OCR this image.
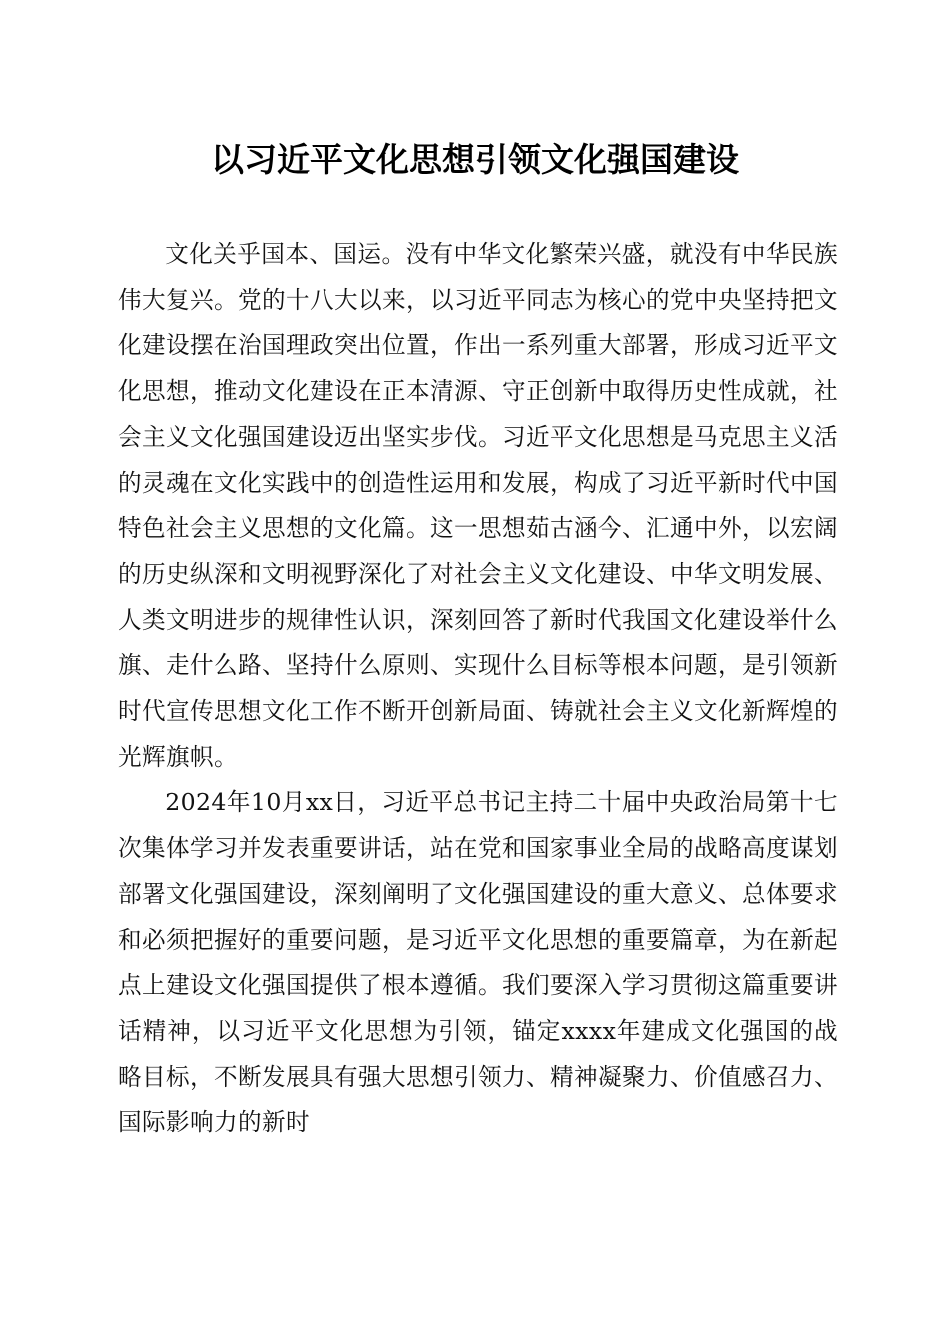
以习近平文化思想引领文化强国建设

文化关乎国本、国运。没有中华文化繁荣兴盛，就没有中华民族伟大复兴。党的十八大以来，以习近平同志为核心的党中央坚持把文化建设摆在治国理政突出位置，作出一系列重大部署，形成习近平文化思想，推动文化建设在正本清源、守正创新中取得历史性成就，社会主义文化强国建设迈出坚实步伐。习近平文化思想是马克思主义活的灵魂在文化实践中的创造性运用和发展，构成了习近平新时代中国特色社会主义思想的文化篇。这一思想茹古涵今、汇通中外，以宏阔的历史纵深和文明视野深化了对社会主义文化建设、中华文明发展、人类文明进步的规律性认识，深刻回答了新时代我国文化建设举什么旗、走什么路、坚持什么原则、实现什么目标等根本问题，是引领新时代宣传思想文化工作不断开创新局面、铸就社会主义文化新辉煌的光辉旗帜。

2024年10月xx日，习近平总书记主持二十届中央政治局第十七次集体学习并发表重要讲话，站在党和国家事业全局的战略高度谋划部署文化强国建设，深刻阐明了文化强国建设的重大意义、总体要求和必须把握好的重要问题，是习近平文化思想的重要篇章，为在新起点上建设文化强国提供了根本遵循。我们要深入学习贯彻这篇重要讲话精神，以习近平文化思想为引领，锚定xxxx年建成文化强国的战略目标，不断发展具有强大思想引领力、精神凝聚力、价值感召力、国际影响力的新时
